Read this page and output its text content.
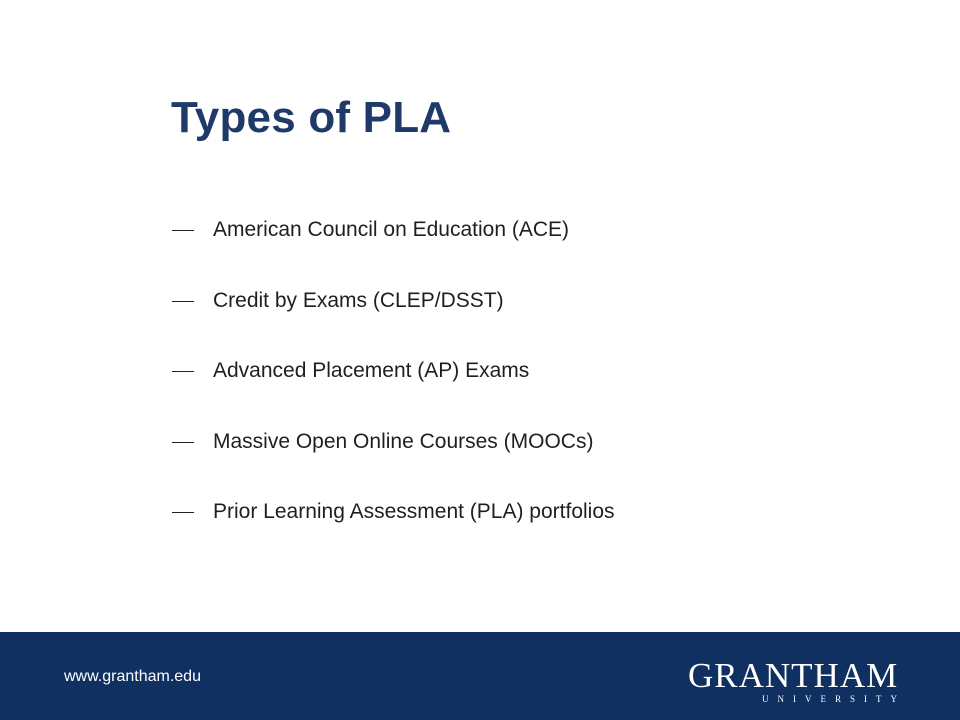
Types of PLA
American Council on Education (ACE)
Credit by Exams (CLEP/DSST)
Advanced Placement (AP) Exams
Massive Open Online Courses (MOOCs)
Prior Learning Assessment (PLA) portfolios
www.grantham.edu	GRANTHAM
UNIVERSITY
